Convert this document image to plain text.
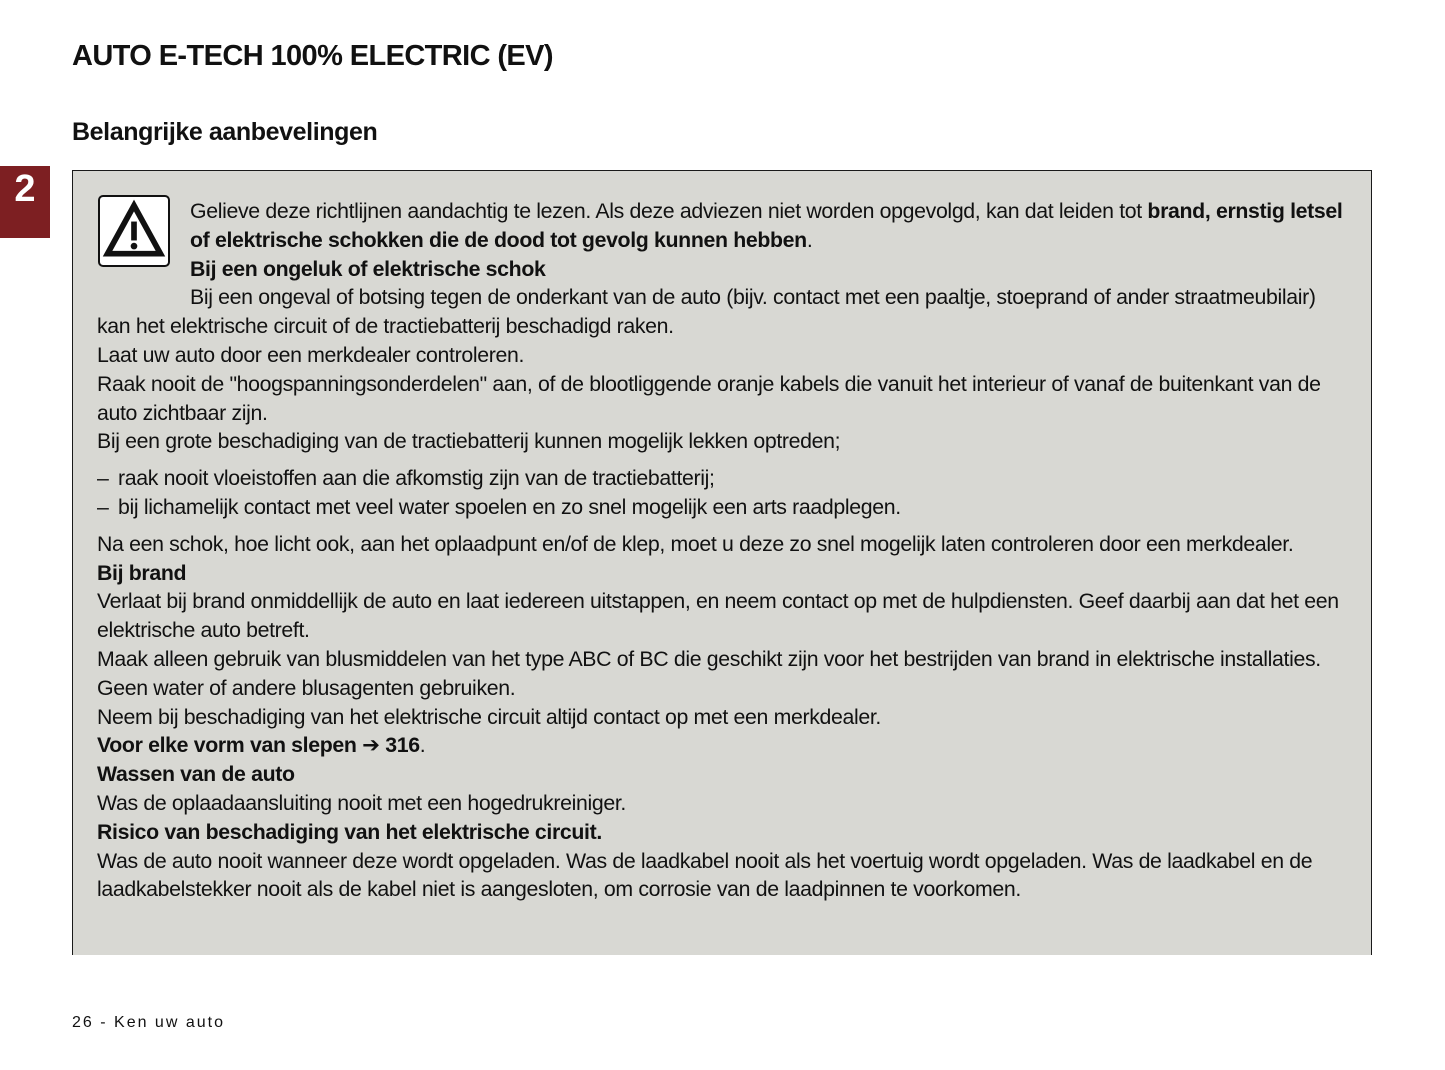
AUTO E-TECH 100% ELECTRIC (EV)
Belangrijke aanbevelingen
2

Gelieve deze richtlijnen aandachtig te lezen. Als deze adviezen niet worden opgevolgd, kan dat leiden tot brand, ernstig letsel of elektrische schokken die de dood tot gevolg kunnen hebben.

Bij een ongeluk of elektrische schok

Bij een ongeval of botsing tegen de onderkant van de auto (bijv. contact met een paaltje, stoeprand of ander straatmeubilair) kan het elektrische circuit of de tractiebatterij beschadigd raken.

Laat uw auto door een merkdealer controleren.

Raak nooit de "hoogspanningsonderdelen" aan, of de blootliggende oranje kabels die vanuit het interieur of vanaf de buitenkant van de auto zichtbaar zijn.

Bij een grote beschadiging van de tractiebatterij kunnen mogelijk lekken optreden;

– raak nooit vloeistoffen aan die afkomstig zijn van de tractiebatterij;

– bij lichamelijk contact met veel water spoelen en zo snel mogelijk een arts raadplegen.

Na een schok, hoe licht ook, aan het oplaadpunt en/of de klep, moet u deze zo snel mogelijk laten controleren door een merkdealer.

Bij brand

Verlaat bij brand onmiddellijk de auto en laat iedereen uitstappen, en neem contact op met de hulpdiensten. Geef daarbij aan dat het een elektrische auto betreft.

Maak alleen gebruik van blusmiddelen van het type ABC of BC die geschikt zijn voor het bestrijden van brand in elektrische installaties. Geen water of andere blusagenten gebruiken.

Neem bij beschadiging van het elektrische circuit altijd contact op met een merkdealer.

Voor elke vorm van slepen ➔ 316.

Wassen van de auto

Was de oplaadaansluiting nooit met een hogedrukreiniger.

Risico van beschadiging van het elektrische circuit.

Was de auto nooit wanneer deze wordt opgeladen. Was de laadkabel nooit als het voertuig wordt opgeladen. Was de laadkabel en de laadkabelstekker nooit als de kabel niet is aangesloten, om corrosie van de laadpinnen te voorkomen.

26 - Ken uw auto
